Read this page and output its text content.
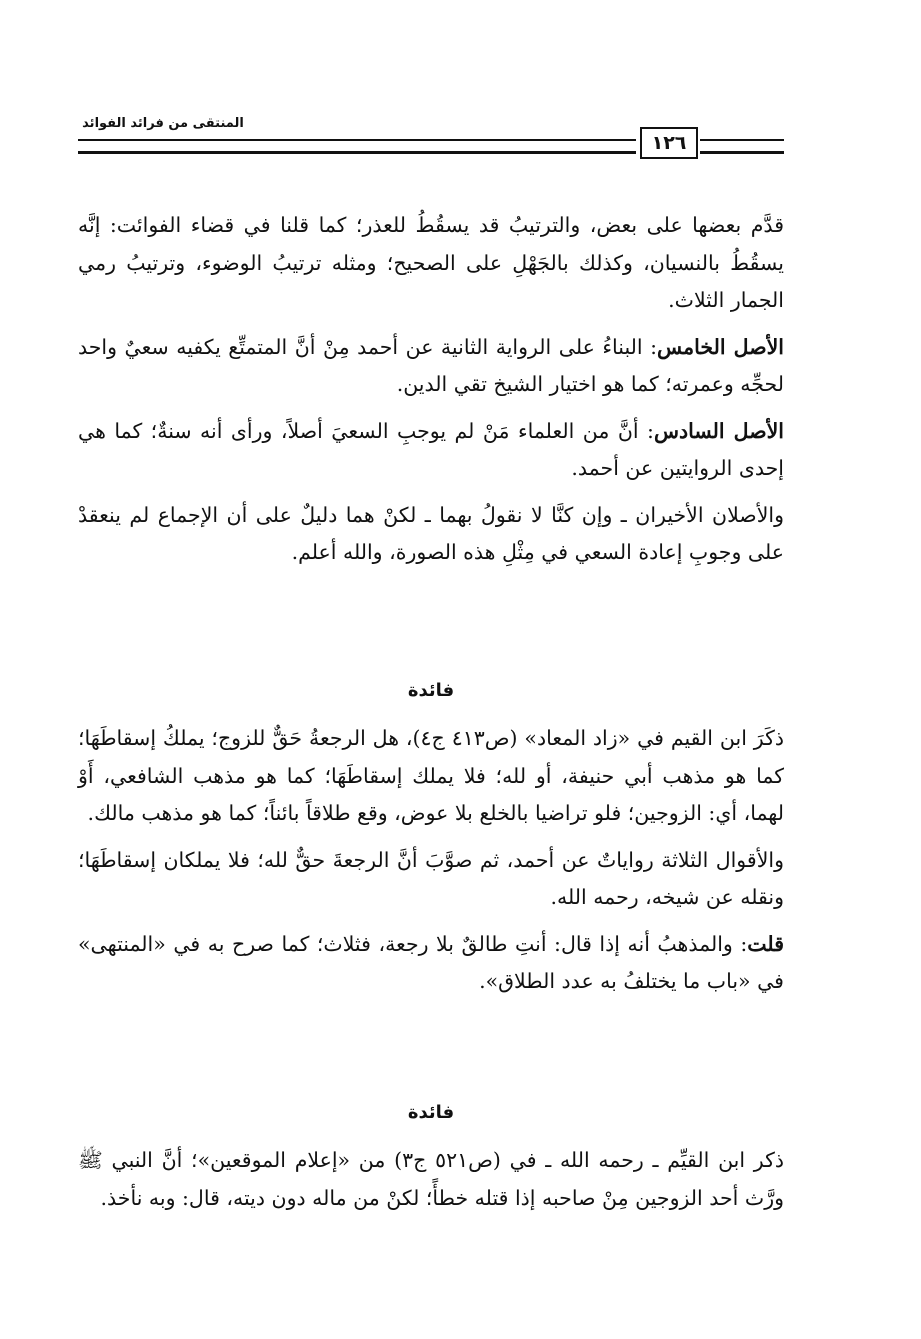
المنتقى من فرائد الفوائد
١٢٦

قدَّم بعضها على بعض، والترتيبُ قد يسقُطُ للعذر؛ كما قلنا في قضاء الفوائت: إنَّه يسقُطُ بالنسيان، وكذلك بالجَهْلِ على الصحيح؛ ومثله ترتيبُ الوضوء، وترتيبُ رمي الجمار الثلاث.

الأصل الخامس: البناءُ على الرواية الثانية عن أحمد مِنْ أنَّ المتمتِّع يكفيه سعيٌ واحد لحجِّه وعمرته؛ كما هو اختيار الشيخ تقي الدين.

الأصل السادس: أنَّ من العلماء مَنْ لم يوجبِ السعيَ أصلاً، ورأى أنه سنةٌ؛ كما هي إحدى الروايتين عن أحمد.

والأصلان الأخيران ـ وإن كنَّا لا نقولُ بهما ـ لكنْ هما دليلٌ على أن الإجماع لم ينعقدْ على وجوبِ إعادة السعي في مِثْلِ هذه الصورة، والله أعلم.

فائدة

ذكَرَ ابن القيم في «زاد المعاد» (ص٤١٣ ج٤)، هل الرجعةُ حَقٌّ للزوج؛ يملكُ إسقاطَهَا؛ كما هو مذهب أبي حنيفة، أو لله؛ فلا يملك إسقاطَهَا؛ كما هو مذهب الشافعي، أَوْ لهما، أي: الزوجين؛ فلو تراضيا بالخلع بلا عوض، وقع طلاقاً بائناً؛ كما هو مذهب مالك.

والأقوال الثلاثة رواياتٌ عن أحمد، ثم صوَّبَ أنَّ الرجعةَ حقٌّ لله؛ فلا يملكان إسقاطَهَا؛ ونقله عن شيخه، رحمه الله.

قلت: والمذهبُ أنه إذا قال: أنتِ طالقٌ بلا رجعة، فثلاث؛ كما صرح به في «المنتهى» في «باب ما يختلفُ به عدد الطلاق».

فائدة

ذكر ابن القيِّم ـ رحمه الله ـ في (ص٥٢١ ج٣) من «إعلام الموقعين»؛ أنَّ النبي ﷺ ورَّث أحد الزوجين مِنْ صاحبه إذا قتله خطأً؛ لكنْ من ماله دون ديته، قال: وبه نأخذ.
